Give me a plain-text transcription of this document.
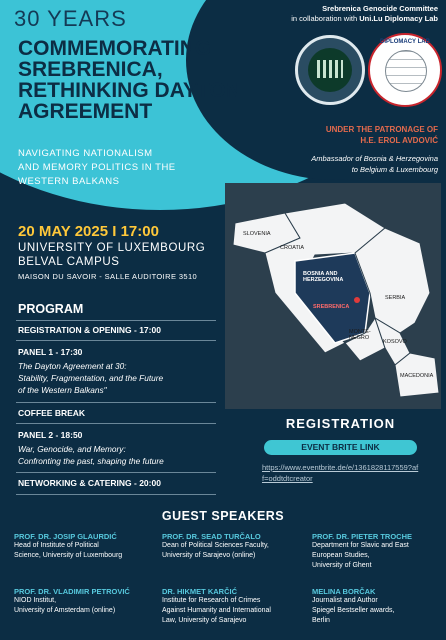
30 YEARS
COMMEMORATING SREBRENICA, RETHINKING DAYTON AGREEMENT
NAVIGATING NATIONALISM
AND MEMORY POLITICS IN THE
WESTERN BALKANS
Srebrenica Genocide Committee
in collaboration with Uni.Lu Diplomacy Lab
DIPLOMACY LAB
UNDER THE PATRONAGE OF
H.E. EROL AVDOVIĆ
Ambassador of Bosnia & Herzegovina
to Belgium & Luxembourg
20 MAY 2025 I 17:00
UNIVERSITY OF LUXEMBOURG
BELVAL CAMPUS
MAISON DU SAVOIR - SALLE AUDITOIRE 3510
PROGRAM
REGISTRATION & OPENING - 17:00
PANEL 1 - 17:30
The Dayton Agreement at 30:
Stability, Fragmentation, and the Future
of the Western Balkans"
COFFEE BREAK
PANEL 2 - 18:50
War, Genocide, and Memory:
Confronting the past, shaping the future
NETWORKING & CATERING - 20:00
SLOVENIA
CROATIA
BOSNIA AND HERZEGOVINA
SREBRENICA
SERBIA
MONTE- NEGRO
KOSOVO
MACEDONIA
REGISTRATION
EVENT BRITE LINK
https://www.eventbrite.de/e/1361828117559?aff=oddtdtcreator
GUEST SPEAKERS
PROF. DR. JOSIP GLAURDIĆ
Head of Institute of Political
Science, University of Luxembourg
PROF. DR. SEAD TURČALO
Dean of Political Sciences Faculty,
University of Sarajevo (online)
PROF. DR. PIETER TROCHE
Department for Slavic and East
European Studies,
University of Ghent
PROF. DR. VLADIMIR PETROVIĆ
NIOD Institut,
University of Amsterdam (online)
DR. HIKMET KARČIĆ
Institute for Research of Crimes
Against Humanity and International
Law, University of Sarajevo
MELINA BORČAK
Journalist and Author
Spiegel Bestseller awards,
Berlin
